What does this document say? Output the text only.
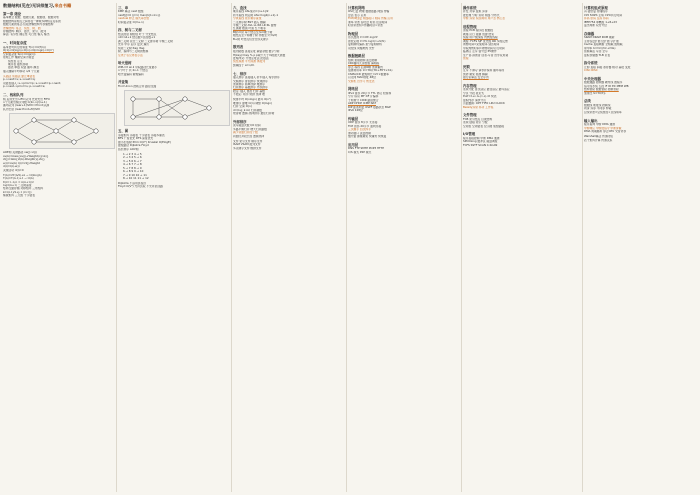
数据结构(见在)无识综复习,来自书籍
第一章 绪论
基本概念 数据、数据元素、数据项、数据对象
数据结构是相互之间存在一种或多种特定关系的
数据元素的集合,包括逻辑结构与存储结构
逻辑结构: 集合、线性、树、图
存储结构: 顺序、链式、索引、散列
算法: 有穷性 确定性 可行性 输入 输出
一、时间复杂度
基本语句执行的频度 T(n)=O(f(n))
O(1)<O(logn)<O(n)<O(nlogn)<O(n²)
空间复杂度 S(n)=O(g(n))
原地工作 辅助空间为常量
线性表 定义
顺序表 随机存取
链表 单链 双链 循环 静态
插入删除平均移动 n/2 个元素
头插法 尾插法 建立单链表
p->next=s; s->next=q;
双链表插入: s->prior=p; s->next=p->next;
p->next->prior=s; p->next=s;
二、栈和队列
栈 后进先出 LIFO 队列 先进先出 FIFO
n个元素出栈序列数 C(2n,n)/(n+1)
循环队列 (rear+1)%M==front 队满
队列长度 (rear-front+M)%M
AOE网 关键路径 ve(j) vl(j)
ve(k)=max{ve(j)+Weight(vj,vk)}
vl(j)=min{vl(k)-Weight(vj,vk)}
e(i)=ve(k) l(i)=vl(j)-Weight
d(i)=l(i)-e(i)
关键活动 d(i)=0
T(n)=2T(n/2)+n → O(nlogn)
T(n)=T(n-1)+1 → O(n)
Σ(i=1..n) i = n(n+1)/2
log2(n+1) 二叉树高度
矩阵压缩存储 对称矩阵 三角矩阵
k=i(i-1)/2+j-1 (i>=j)
稀疏矩阵 三元组 十字链表
三、串
KMP 算法 next 数组
next[j]=0 (j=1) max{k|1<k<j}
nextval 修正 模式串比较
时间复杂度 O(m+n)
四、树与二叉树
结点的度 树的度 叶子 分支结点
n0=n2+1 结点数=总度数+1
满二叉树 完全二叉树 二叉排序树 平衡二叉树
先序 中序 后序 层次 遍历
线索二叉树 ltag rtag
树、森林与二叉树的转换
左孩子右兄弟表示法
哈夫曼树
WPL=Σ wi·li 带权路径长度最小
n个叶子 共 2n-1 个结点
哈夫曼编码 前缀编码
并查集
Find Union 按秩合并 路径压缩
五、图
邻接矩阵 邻接表 十字链表 邻接多重表
BFS 广度优先 DFS 深度优先
最小生成树 Prim O(V²) Kruskal O(ElogE)
最短路径 Dijkstra Floyd
拓扑排序 AOV网
1 → 2 3 4 → 5
2 → 3 4 5 → 6
3 → 5 6 6 → 7
4 → 6 7 7 → 8
5 → 7 8 8 → 9
6 → 8 9 9 → 10
7 → 9 10 10 → 11
8 → 10 11 11 → 12
Dijkstra 不适用负权边
Floyd O(V³) 允许负权 不允许负回路
六、查找
顺序查找 ASL成功=(n+1)/2
折半查找 判定树 ASL=log2(n+1)-1
分块查找 索引顺序查找
二叉排序树 BST 插入 删除
平衡二叉树 AVL LL RR LR RL 旋转
红黑树 根黑 叶黑 红不相邻
B树 m阶 每个结点至多m棵子树
根结点至少两棵子树 非根至少⌈m/2⌉
B+树 叶结点包含全部关键字
散列表
散列函数 直接定址 除留余数 数字分析
H(key)=key % p p取不大于m的最大质数
处理冲突: 开放定址法 拉链法
线性探测 平方探测 再散列
装填因子 α=n/m
七、排序
插入排序 直接插入 折半插入 希尔排序
交换排序 冒泡排序 快速排序
选择排序 简单选择 堆排序
归并排序 基数排序 外部排序
稳定: 插入 冒泡 归并 基数
不稳定: 希尔 快排 选择 堆
快排平均 O(nlogn) 最坏 O(n²)
堆排序 建堆 O(n) 调整 O(logn)
归并 空间 O(n)
d=⌈log_k m⌉ 归并趟数
败者树 置换-选择排序 最佳归并树
外部排序
读写磁盘次数 I/O 时间
多路平衡归并 增大归并路数
减少初始归并段个数
初始归并段长度 置换选择
文件 索引文件 顺序文件
ISAM VSAM 散列文件
多关键字文件 倒排文件
计算机网络
OSI七层 物理 数据链路 网络 传输
会话 表示 应用
TCP/IP四层 网络接口 网际 传输 应用
速率 带宽 吞吐量 时延 往返时间
时延带宽积=传播时延×带宽
物理层
奈氏准则 C=2W·log2V
香农定理 C=W·log2(1+S/N)
曼彻斯特编码 差分曼彻斯特
双绞线 同轴电缆 光纤
数据链路层
组帧 差错控制 流量控制
CRC循环冗余校验 海明码
停止-等待 后退N帧 选择重传
信道利用率 U=TD/(TD+RTT+TA)
CSMA/CD 最短帧长=2τ×数据率
以太网 MAC地址 48位
交换机 自学习 转发表
网络层
IPv4 首部 20字节 TTL 协议 校验和
分片 标识 MF DF 片偏移
子网划分 CIDR 路由聚合
ARP DHCP ICMP NAT
RIP 距离向量 OSPF 链路状态 BGP
IPv6 128位
传输层
UDP 首部 8字节 无连接
TCP 首部 20字节 面向连接
三次握手 四次挥手
滑动窗口 流量控制
慢开始 拥塞避免 快重传 快恢复
应用层
DNS FTP SMTP POP3 HTTP
C/S 模式 P2P 模式
操作系统
并发 共享 虚拟 异步
批处理 分时 实时 网络 分布式
中断 异常 系统调用 用户态 核心态
进程管理
进程 PCB 程序段 数据段
就绪 运行 阻塞 创建 结束
线程 用户级线程 内核级线程
调度: FCFS SJF 优先级 RR 多级反馈
周转时间=完成时间-到达时间
带权周转时间=周转时间/运行时间
临界区 互斥 信号量 PV操作
生产者-消费者 读者-写者 哲学家进餐
管程
死锁
互斥 不剥夺 请求并保持 循环等待
预防 避免 检测 解除
银行家算法 安全序列
内存管理
连续分配 首次适应 最佳适应 最坏适应
分页 分段 段页式
EAT=t+ε·t+(1-ε)·2t 快表
虚拟内存 请求分页
页面置换: OPT FIFO LRU CLOCK
Belady异常 抖动 工作集
文件管理
FCB 索引结点 目录结构
连续 链接 索引 分配
空闲表 空闲链表 位示图 成组链接
I/O管理
程序直接控制 中断 DMA 通道
SPOOLing 缓冲区 磁盘调度
FCFS SSTF SCAN C-SCAN
计算机组成原理
冯·诺依曼 存储程序
CPI MIPS 主频 CPU执行时间
补码 原码 反码 移码
IEEE754 单精度 1+8+23
溢出判断 双符号位
存储器
SRAM DRAM ROM 刷新
主存容量扩展 位扩展 字扩展
Cache 直接映射 全相联 组相联
命中率 h=Nc/(Nc+Nm)
替换算法 写回 全写
虚拟存储器 TLB 页表
指令系统
立即 直接 间接 寄存器 相对 基址 变址
CISC RISC
中央处理器
数据通路 控制器 硬布线 微程序
指令流水线 五段 IF ID EX MEM WB
结构冒险 数据冒险 控制冒险
加速比 S=T0/Tp
总线
数据线 地址线 控制线
同步 异步 半同步 仲裁
总线带宽=总线宽度×总线频率
输入输出
程序查询 中断 DMA 通道
中断响应 中断隐指令 中断屏蔽
DMA 周期挪用 停止CPU 交替访存
Warshall算法 传递闭包
若干矩阵计算 传递关系
